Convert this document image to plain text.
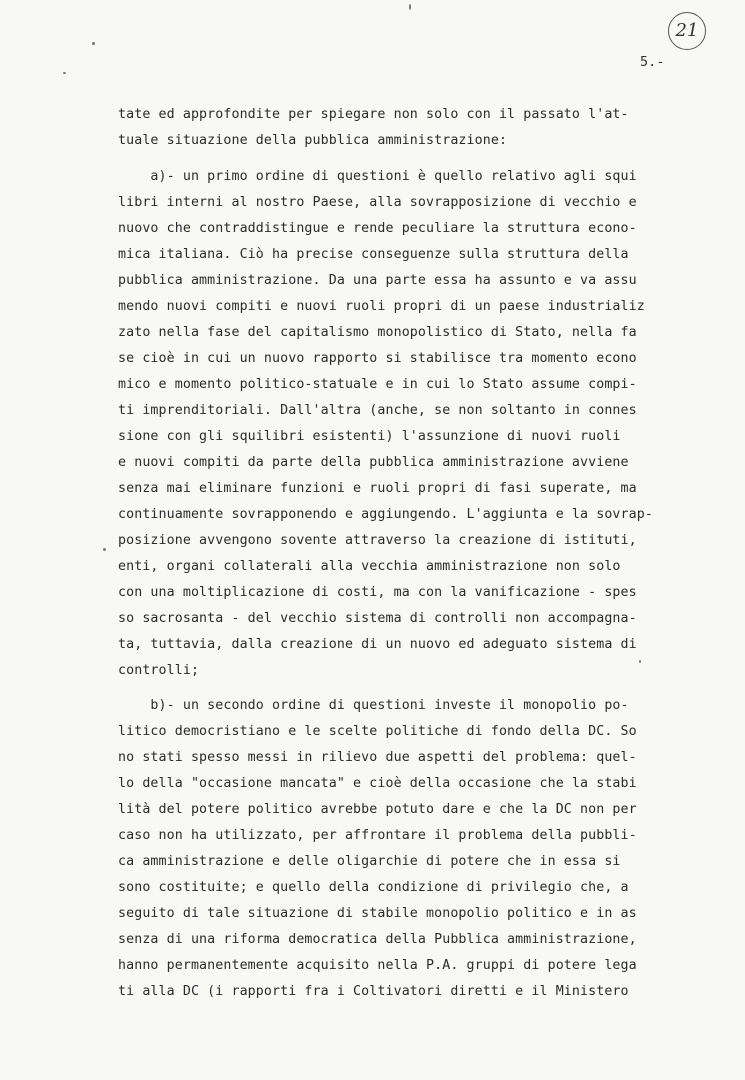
21
5.-
tate ed approfondite per spiegare non solo con il passato l'at-
tuale situazione della pubblica amministrazione:
a)- un primo ordine di questioni è quello relativo agli squi
libri interni al nostro Paese, alla sovrapposizione di vecchio e
nuovo che contraddistingue e rende peculiare la struttura econo-
mica italiana. Ciò ha precise conseguenze sulla struttura della
pubblica amministrazione. Da una parte essa ha assunto e va assu
mendo nuovi compiti e nuovi ruoli propri di un paese industrializ
zato nella fase del capitalismo monopolistico di Stato, nella fa
se cioè in cui un nuovo rapporto si stabilisce tra momento econo
mico e momento politico-statuale e in cui lo Stato assume compi-
ti imprenditoriali. Dall'altra (anche, se non soltanto in connes
sione con gli squilibri esistenti) l'assunzione di nuovi ruoli
e nuovi compiti da parte della pubblica amministrazione avviene
senza mai eliminare funzioni e ruoli propri di fasi superate, ma
continuamente sovrapponendo e aggiungendo. L'aggiunta e la sovrap-
posizione avvengono sovente attraverso la creazione di istituti,
enti, organi collaterali alla vecchia amministrazione non solo
con una moltiplicazione di costi, ma con la vanificazione - spes
so sacrosanta - del vecchio sistema di controlli non accompagna-
ta, tuttavia, dalla creazione di un nuovo ed adeguato sistema di
controlli;
b)- un secondo ordine di questioni investe il monopolio po-
litico democristiano e le scelte politiche di fondo della DC. So
no stati spesso messi in rilievo due aspetti del problema: quel-
lo della "occasione mancata" e cioè della occasione che la stabi
lità del potere politico avrebbe potuto dare e che la DC non per
caso non ha utilizzato, per affrontare il problema della pubbli-
ca amministrazione e delle oligarchie di potere che in essa si
sono costituite; e quello della condizione di privilegio che, a
seguito di tale situazione di stabile monopolio politico e in as
senza di una riforma democratica della Pubblica amministrazione,
hanno permanentemente acquisito nella P.A. gruppi di potere lega
ti alla DC (i rapporti fra i Coltivatori diretti e il Ministero
